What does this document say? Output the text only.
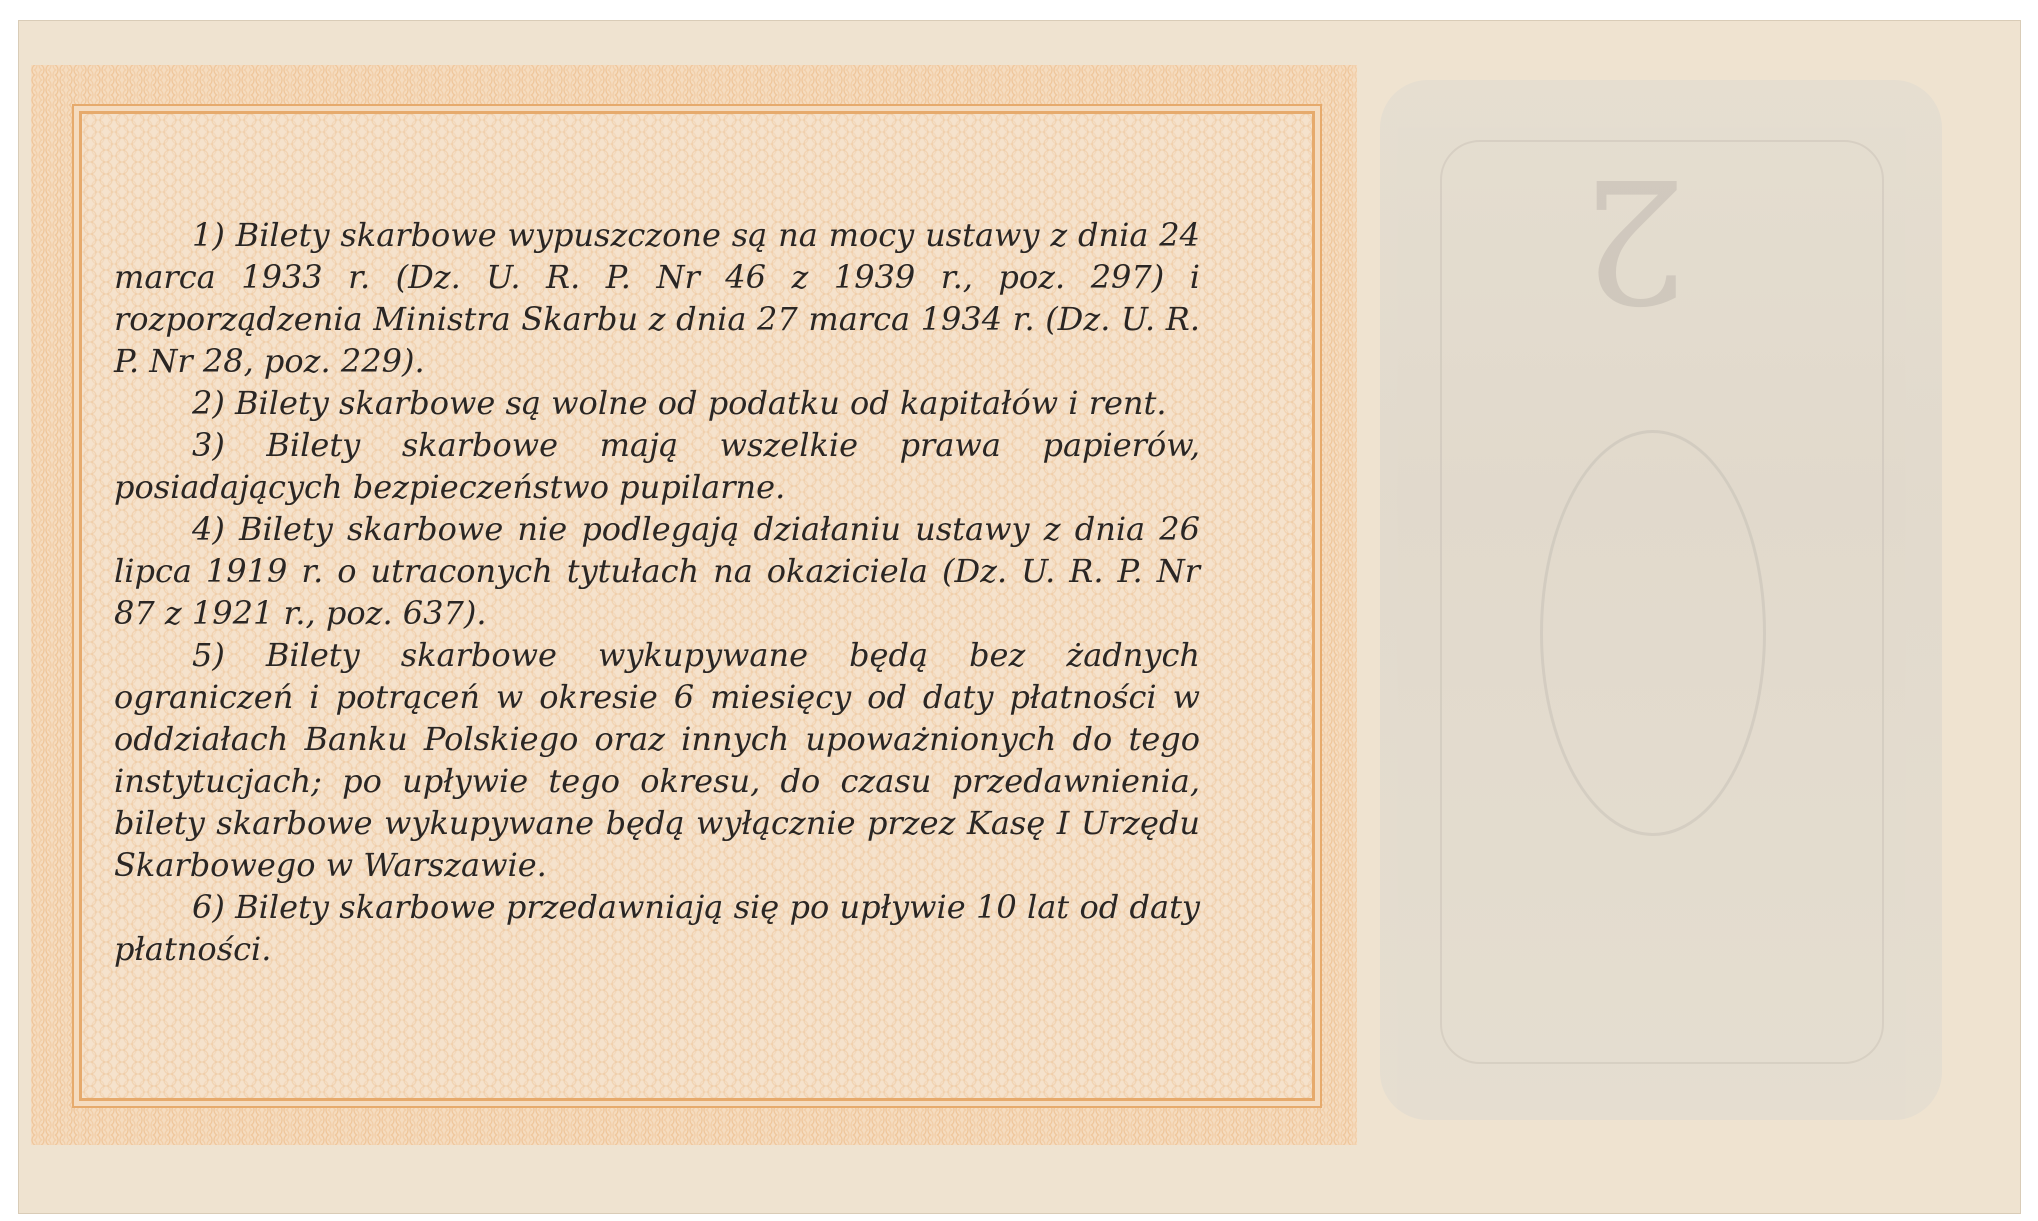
1) Bilety skarbowe wypuszczone są na mocy ustawy z dnia 24 marca 1933 r. (Dz. U. R. P. Nr 46 z 1939 r., poz. 297) i rozporządzenia Ministra Skarbu z dnia 27 marca 1934 r. (Dz. U. R. P. Nr 28, poz. 229).

2) Bilety skarbowe są wolne od podatku od kapitałów i rent.

3) Bilety skarbowe mają wszelkie prawa papierów, posiadających bezpieczeństwo pupilarne.

4) Bilety skarbowe nie podlegają działaniu ustawy z dnia 26 lipca 1919 r. o utraconych tytułach na okaziciela (Dz. U. R. P. Nr 87 z 1921 r., poz. 637).

5) Bilety skarbowe wykupywane będą bez żadnych ograniczeń i potrąceń w okresie 6 miesięcy od daty płatności w oddziałach Banku Polskiego oraz innych upoważnionych do tego instytucjach; po upływie tego okresu, do czasu przedawnienia, bilety skarbowe wykupywane będą wyłącznie przez Kasę I Urzędu Skarbowego w Warszawie.

6) Bilety skarbowe przedawniają się po upływie 10 lat od daty płatności.

2
